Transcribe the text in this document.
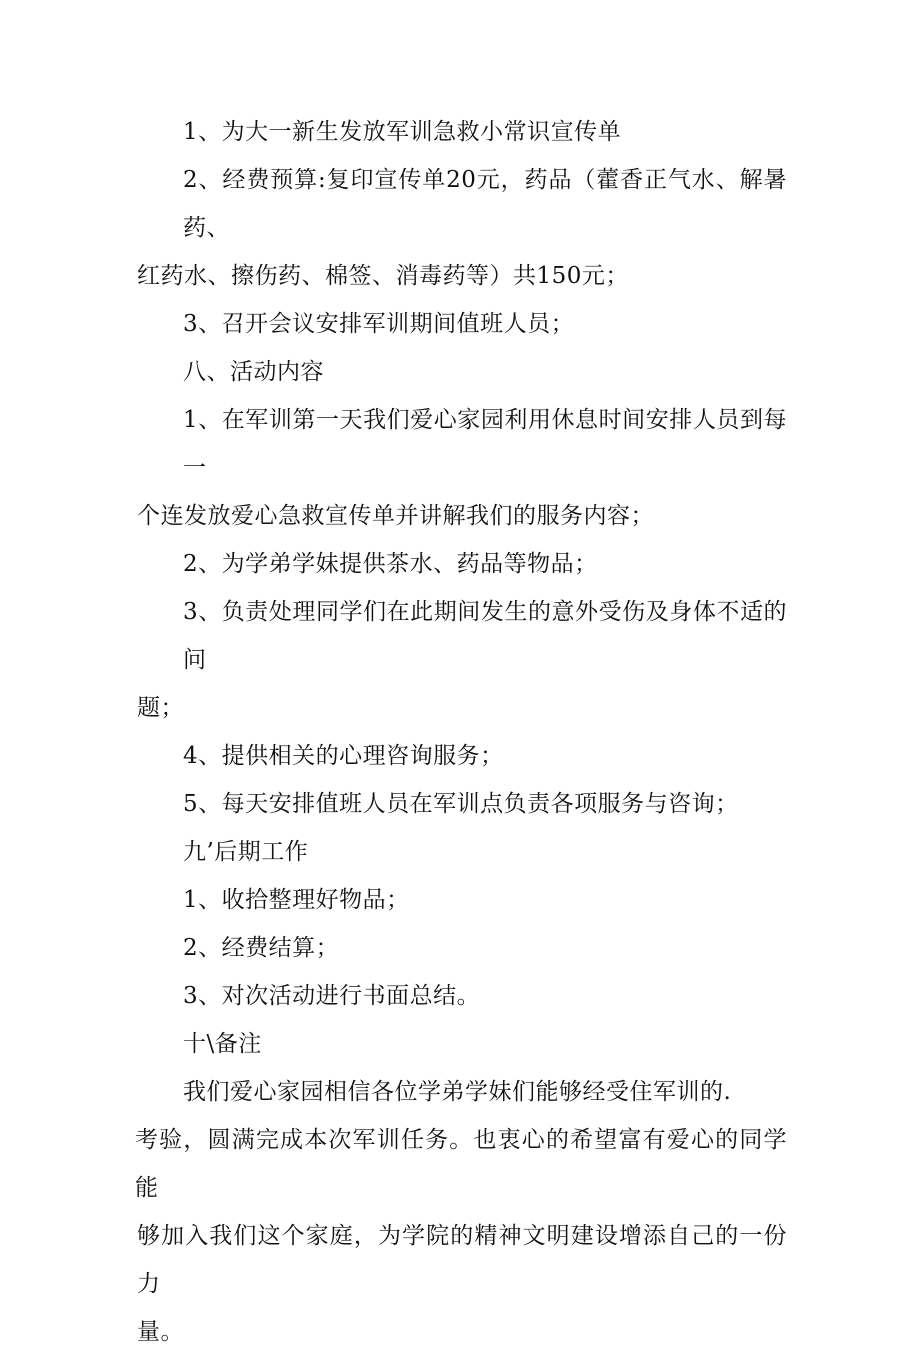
1、为大一新生发放军训急救小常识宣传单

2、经费预算:复印宣传单20元，药品（藿香正气水、解暑药、
红药水、擦伤药、棉签、消毒药等）共150元；

3、召开会议安排军训期间值班人员；

八、活动内容

1、在军训第一天我们爱心家园利用休息时间安排人员到每一
个连发放爱心急救宣传单并讲解我们的服务内容；

2、为学弟学妹提供茶水、药品等物品；

3、负责处理同学们在此期间发生的意外受伤及身体不适的问
题；

4、提供相关的心理咨询服务；

5、每天安排值班人员在军训点负责各项服务与咨询；

九’后期工作

1、收拾整理好物品；

2、经费结算；

3、对次活动进行书面总结。

十\备注

我们爱心家园相信各位学弟学妹们能够经受住军训的.
考验，圆满完成本次军训任务。也衷心的希望富有爱心的同学能
够加入我们这个家庭，为学院的精神文明建设增添自己的一份力
量。
